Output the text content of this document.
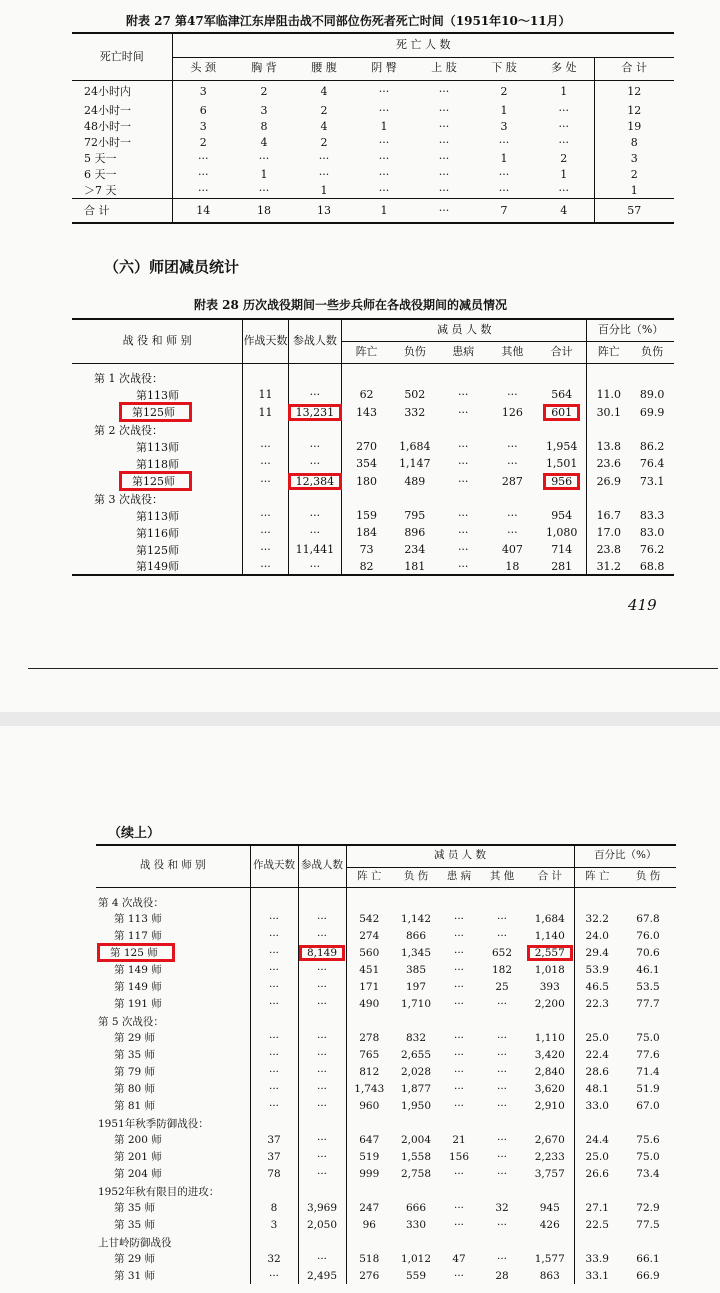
附表 27 第47军临津江东岸阻击战不同部位伤死者死亡时间（1951年10～11月）
死亡时间	死 亡 人 数							
	头 颈	胸 背	腰 腹	阴 臀	上 肢	下 肢	多 处	合 计
24小时内	3	2	4	···	···	2	1	12
24小时一	6	3	2	···	···	1	···	12
48小时一	3	8	4	1	···	3	···	19
72小时一	2	4	2	···	···	···	···	8
5 天一	···	···	···	···	···	1	2	3
6 天一	···	1	···	···	···	···	1	2
＞7 天	···	···	1	···	···	···	···	1
合 计	14	18	13	1	···	7	4	57
（六）师团减员统计
附表 28 历次战役期间一些步兵师在各战役期间的减员情况
战 役 和 师 别	作战天数	参战人数	减 员 人 数					百分比（%）	
			阵亡	负伤	患病	其他	合计	阵亡	负伤
第 1 次战役：									
第113师	11	···	62	502	···	···	564	11.0	89.0
第125师	11	13,231	143	332	···	126	601	30.1	69.9
第 2 次战役：									
第113师	···	···	270	1,684	···	···	1,954	13.8	86.2
第118师	···	···	354	1,147	···	···	1,501	23.6	76.4
第125师	···	12,384	180	489	···	287	956	26.9	73.1
第 3 次战役：									
第113师	···	···	159	795	···	···	954	16.7	83.3
第116师	···	···	184	896	···	···	1,080	17.0	83.0
第125师	···	11,441	73	234	···	407	714	23.8	76.2
第149师	···	···	82	181	···	18	281	31.2	68.8
419
（续上）
战 役 和 师 别	作战天数	参战人数	减 员 人 数					百分比（%）	
			阵 亡	负 伤	患 病	其 他	合 计	阵 亡	负 伤
第 4 次战役：									
第 113 师	···	···	542	1,142	···	···	1,684	32.2	67.8
第 117 师	···	···	274	866	···	···	1,140	24.0	76.0
第 125 师	···	8,149	560	1,345	···	652	2,557	29.4	70.6
第 149 师	···	···	451	385	···	182	1,018	53.9	46.1
第 149 师	···	···	171	197	···	25	393	46.5	53.5
第 191 师	···	···	490	1,710	···	···	2,200	22.3	77.7
第 5 次战役：									
第 29 师	···	···	278	832	···	···	1,110	25.0	75.0
第 35 师	···	···	765	2,655	···	···	3,420	22.4	77.6
第 79 师	···	···	812	2,028	···	···	2,840	28.6	71.4
第 80 师	···	···	1,743	1,877	···	···	3,620	48.1	51.9
第 81 师	···	···	960	1,950	···	···	2,910	33.0	67.0
1951年秋季防御战役：									
第 200 师	37	···	647	2,004	21	···	2,670	24.4	75.6
第 201 师	37	···	519	1,558	156	···	2,233	25.0	75.0
第 204 师	78	···	999	2,758	···	···	3,757	26.6	73.4
1952年秋有限目的进攻：									
第 35 师	8	3,969	247	666	···	32	945	27.1	72.9
第 35 师	3	2,050	96	330	···	···	426	22.5	77.5
上甘岭防御战役									
第 29 师	32	···	518	1,012	47	···	1,577	33.9	66.1
第 31 师	···	2,495	276	559	···	28	863	33.1	66.9
